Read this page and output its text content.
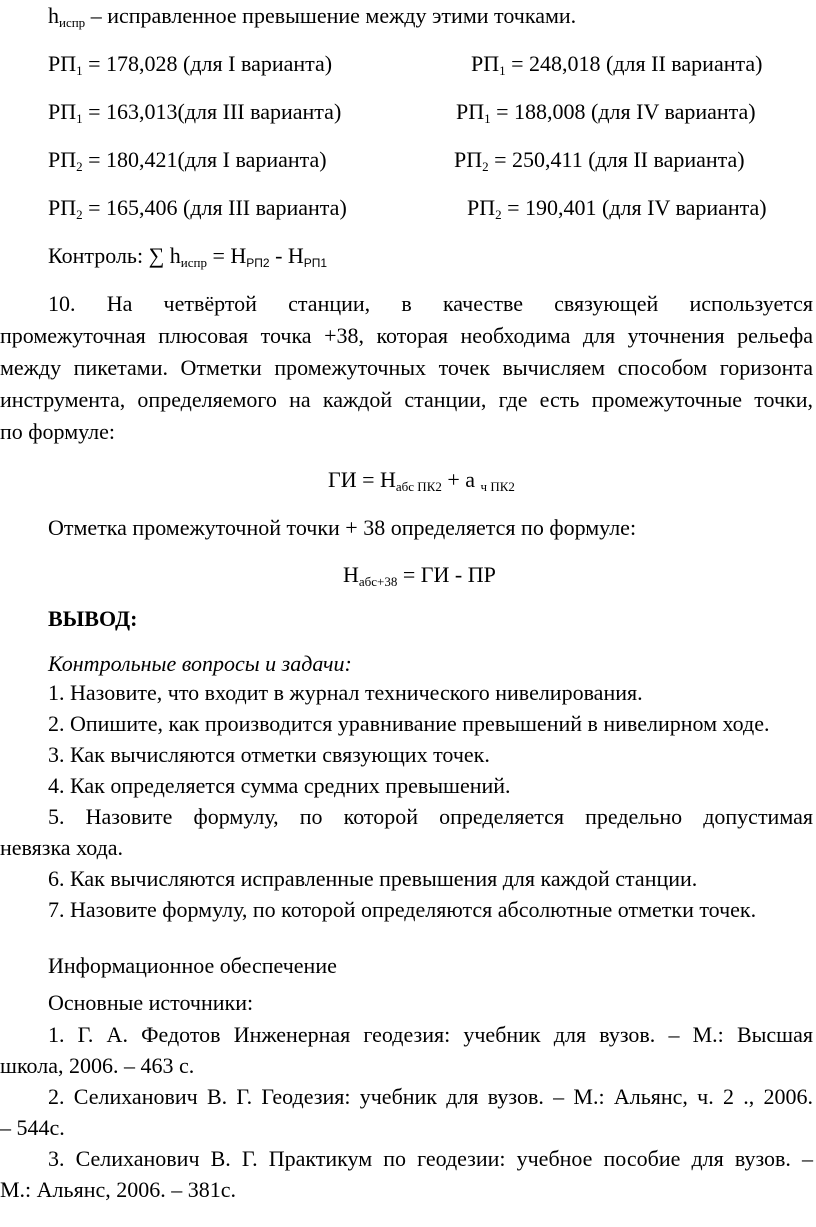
$h_{испр}$ – исправленное превышение между этими точками.
$РП_1 = 178,028$ (для I варианта)	$РП_1 = 248,018$ (для II варианта)
$РП_1 = 163,013(для$ III варианта)	$РП_1 = 188,008$ (для IV варианта)
$РП_2 = 180,421(для$ I варианта)	$РП_2 = 250,411$ (для II варианта)
$РП_2 = 165,406$ (для III варианта)	$РП_2 = 190,401$ (для IV варианта)
Контроль: ∑ $h_{испр} = НРП2 - НРП1$
10. На четвёртой станции, в качестве связующей используется
промежуточная плюсовая точка +38, которая необходима для уточнения рельефа
между пикетами. Отметки промежуточных точек вычисляем способом горизонта
инструмента, определяемого на каждой станции, где есть промежуточные точки,
по формуле:
ГИ = $Н_{абс ПК2} + а$ $_{ч ПК2}$
Отметка промежуточной точки + 38 определяется по формуле:
$Н_{абс+38}$ = ГИ - ПР
ВЫВОД:
Контрольные вопросы и задачи:
1. Назовите, что входит в журнал технического нивелирования.
2. Опишите, как производится уравнивание превышений в нивелирном ходе.
3. Как вычисляются отметки связующих точек.
4. Как определяется сумма средних превышений.
5. Назовите формулу, по которой определяется предельно допустимая
невязка хода.
6. Как вычисляются исправленные превышения для каждой станции.
7. Назовите формулу, по которой определяются абсолютные отметки точек.
Информационное обеспечение
Основные источники:
1. Г. А. Федотов Инженерная геодезия: учебник для вузов. – М.: Высшая
школа, 2006. – 463 с.
2. Селиханович В. Г. Геодезия: учебник для вузов. – М.: Альянс, ч. 2 ., 2006.
– 544с.
3. Селиханович В. Г. Практикум по геодезии: учебное пособие для вузов. –
М.: Альянс, 2006. – 381с.
